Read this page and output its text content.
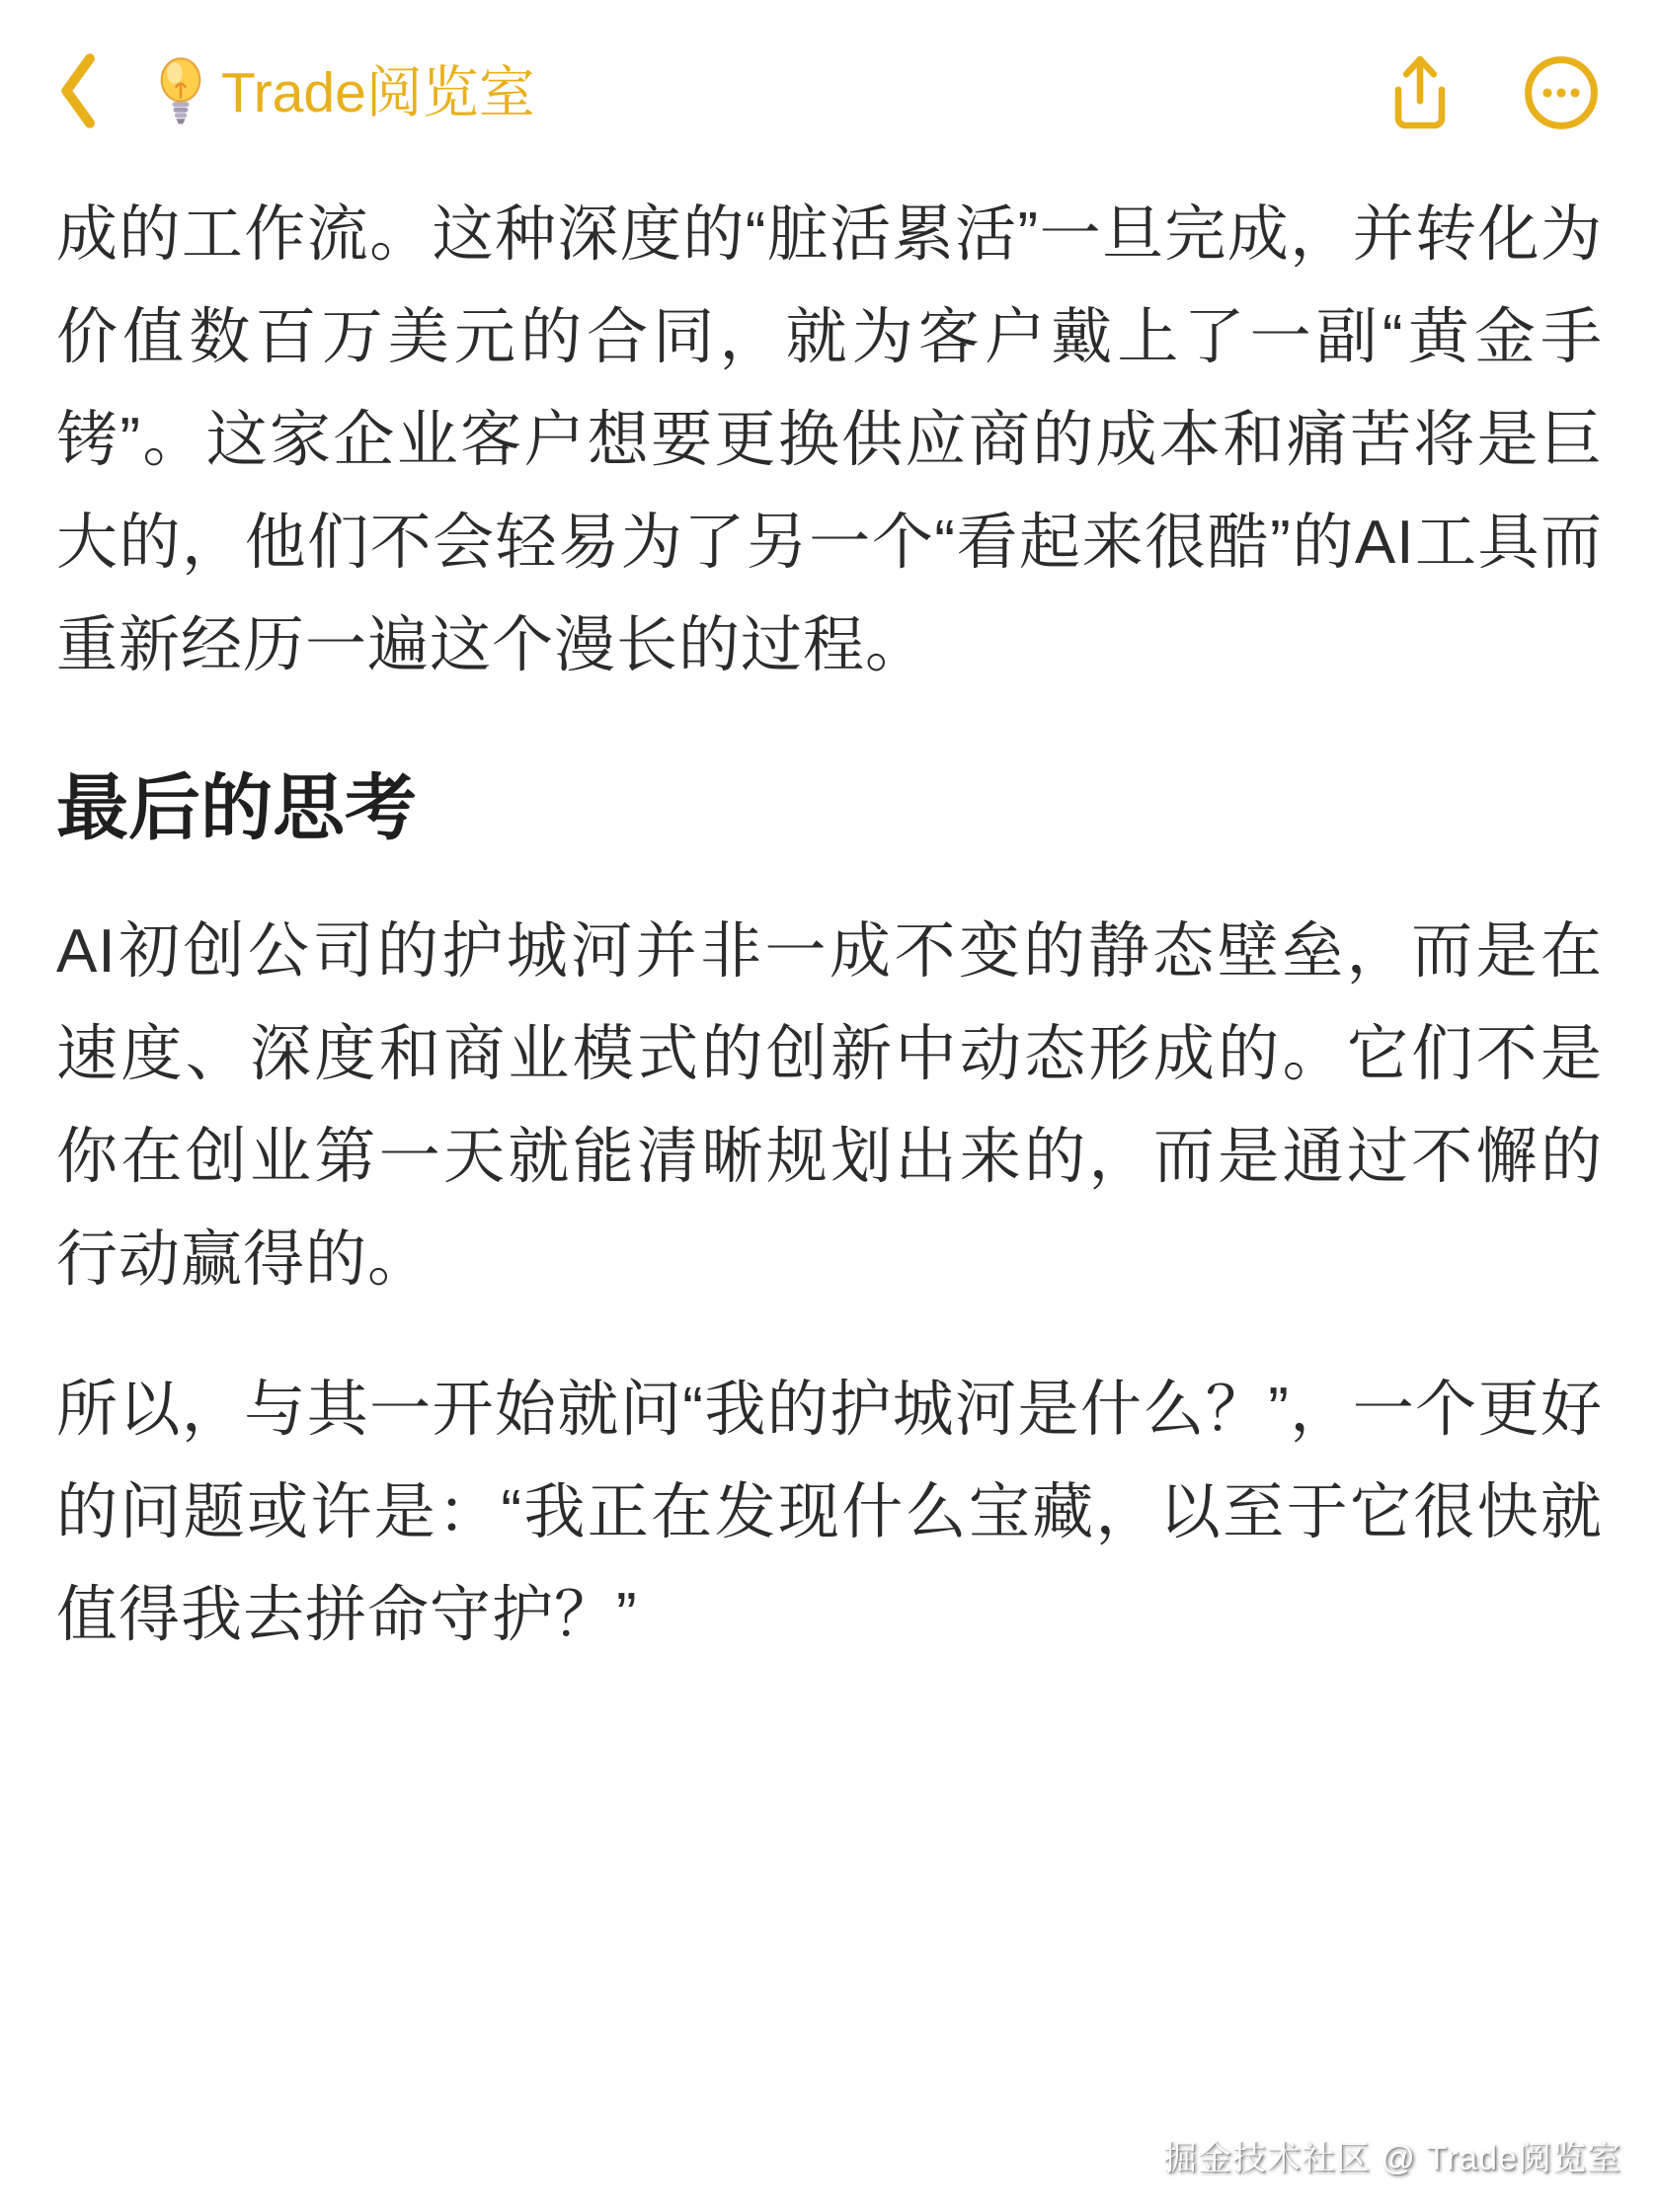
Trade阅览室

成的工作流。这种深度的“脏活累活”一旦完成，并转化为价值数百万美元的合同，就为客户戴上了一副“黄金手铐”。这家企业客户想要更换供应商的成本和痛苦将是巨大的，他们不会轻易为了另一个“看起来很酷”的AI工具而重新经历一遍这个漫长的过程。

最后的思考

AI初创公司的护城河并非一成不变的静态壁垒，而是在速度、深度和商业模式的创新中动态形成的。它们不是你在创业第一天就能清晰规划出来的，而是通过不懈的行动赢得的。

所以，与其一开始就问“我的护城河是什么？”，一个更好的问题或许是：“我正在发现什么宝藏，以至于它很快就值得我去拼命守护？”

掘金技术社区 @ Trade阅览室
